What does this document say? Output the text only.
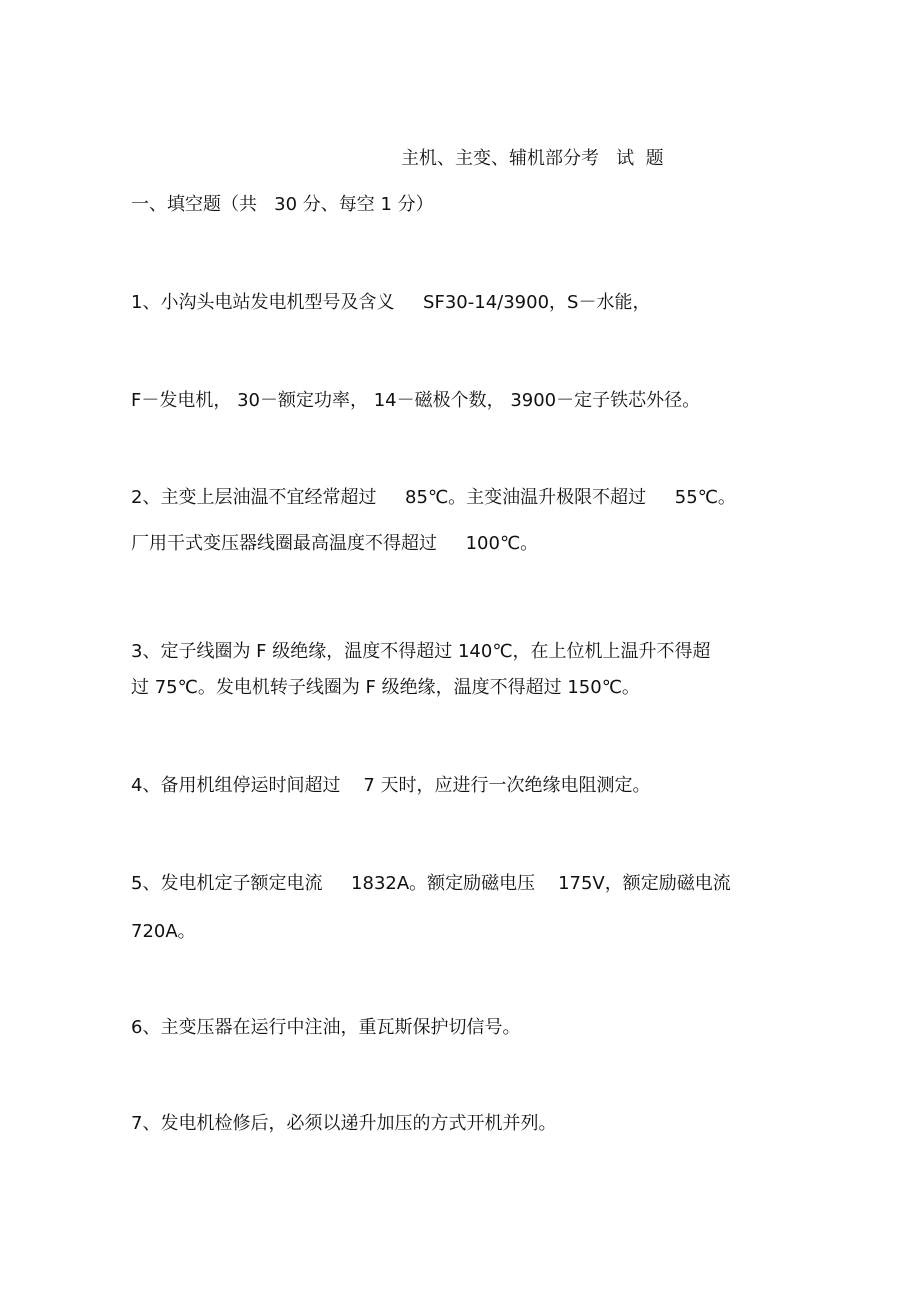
主机、主变、辅机部分考   试  题

一、填空题（共   30 分、每空 1 分）

1、小沟头电站发电机型号及含义     SF30-14/3900，S－水能，

F－发电机， 30－额定功率， 14－磁极个数， 3900－定子铁芯外径。

2、主变上层油温不宜经常超过     85℃。主变油温升极限不超过     55℃。

厂用干式变压器线圈最高温度不得超过     100℃。

3、定子线圈为 F 级绝缘，温度不得超过 140℃，在上位机上温升不得超

过 75℃。发电机转子线圈为 F 级绝缘，温度不得超过 150℃。

4、备用机组停运时间超过    7 天时，应进行一次绝缘电阻测定。

5、发电机定子额定电流     1832A。额定励磁电压    175V，额定励磁电流

720A。

6、主变压器在运行中注油，重瓦斯保护切信号。

7、发电机检修后，必须以递升加压的方式开机并列。
